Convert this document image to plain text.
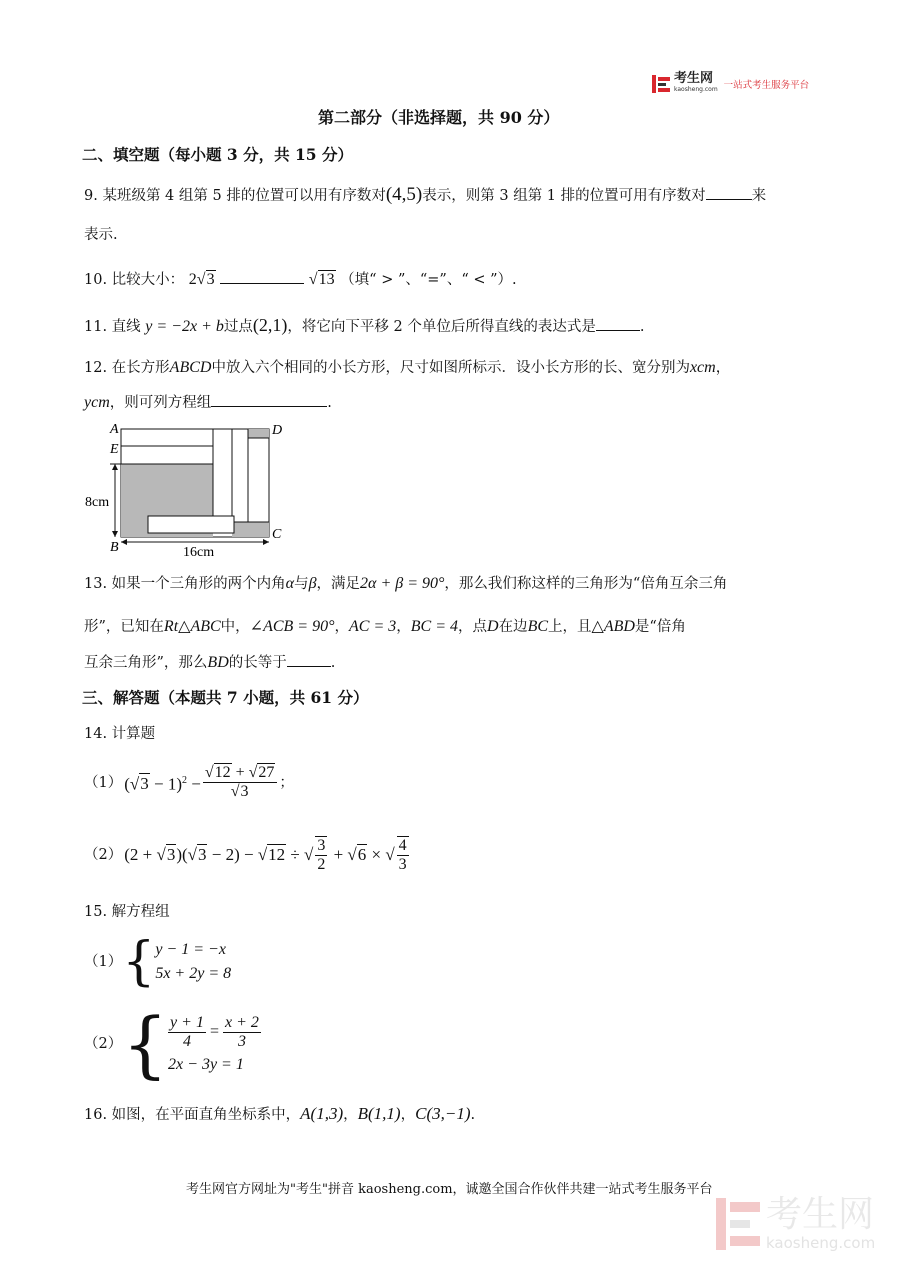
考生网
kaosheng.com 一站式考生服务平台
第二部分（非选择题，共 90 分）
二、填空题（每小题 3 分，共 15 分）
9. 某班级第 4 组第 5 排的位置可以用有序数对(4,5)表示，则第 3 组第 1 排的位置可用有序数对	来
表示.
10. 比较大小： 2√3	√13 （填“ > ”、“=”、“ < ”）.
11. 直线 y = −2x + b过点(2,1)，将它向下平移 2 个单位后所得直线的表达式是	.
12. 在长方形ABCD中放入六个相同的小长方形，尺寸如图所标示．设小长方形的长、宽分别为xcm，
ycm，则可列方程组	.
A
E
D
B
C
8cm
16cm
13. 如果一个三角形的两个内角α与β，满足2α + β = 90°，那么我们称这样的三角形为“倍角互余三角
形”，已知在Rt△ABC中，∠ACB = 90°，AC = 3，BC = 4，点D在边BC上，且△ABD是“倍角
互余三角形”，那么BD的长等于	.
三、解答题（本题共 7 小题，共 61 分）
14. 计算题
（1） $(√3 - 1)^2 - \frac{√12 + √27}{√3}$ ；
（2） (2 + √3)(√3 − 2) − √12 ÷ √ $\frac{3}{2} + √6$ × √ $\frac{4}{3}$
15. 解方程组
（1） { y − 1 = −x
5x + 2y = 8
（2） { $\frac{y + 1}{4} = \frac{x + 2}{3}$
2x − 3y = 1
16. 如图，在平面直角坐标系中，A(1,3)，B(1,1)，C(3,−1).
考生网官方网址为"考生"拼音 kaosheng.com，诚邀全国合作伙伴共建一站式考生服务平台
考生网
kaosheng.com
